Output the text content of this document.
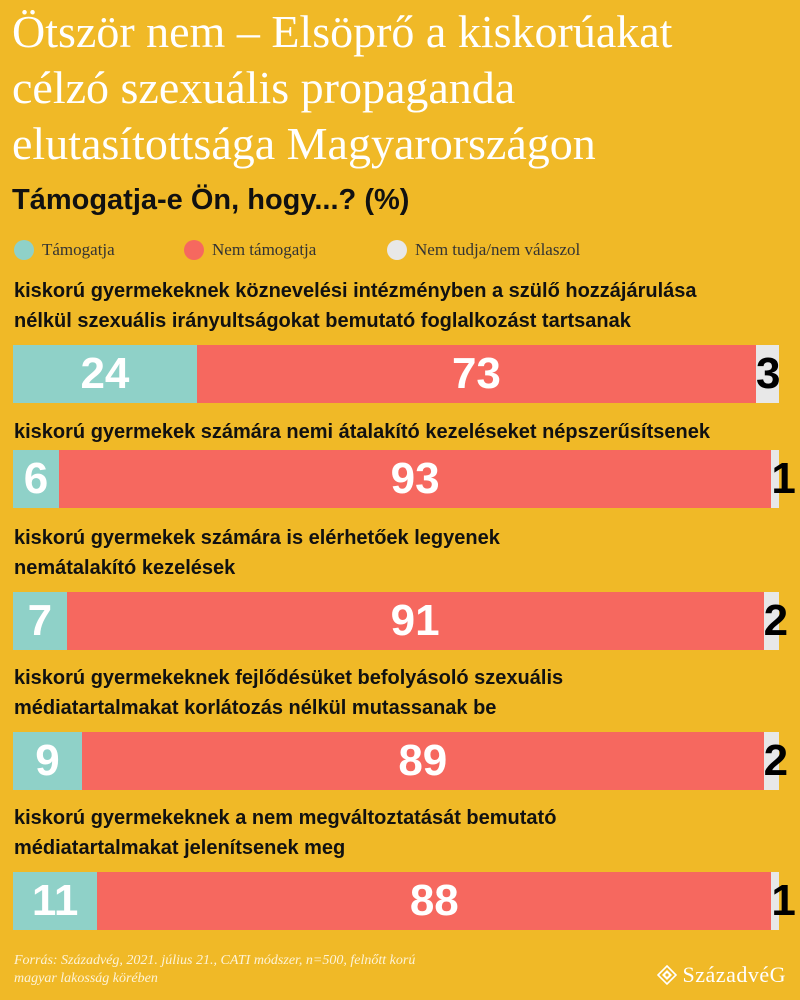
Ötször nem – Elsöprő a kiskorúakat
célzó szexuális propaganda
elutasítottsága Magyarországon
Támogatja-e Ön, hogy...? (%)
Támogatja	Nem támogatja	Nem tudja/nem válaszol
kiskorú gyermekeknek köznevelési intézményben a szülő hozzájárulása
nélkül szexuális irányultságokat bemutató foglalkozást tartsanak
24	73	3
kiskorú gyermekek számára nemi átalakító kezeléseket népszerűsítsenek
6	93	1
kiskorú gyermekek számára is elérhetőek legyenek
nemátalakító kezelések
7	91	2
kiskorú gyermekeknek fejlődésüket befolyásoló szexuális
médiatartalmakat korlátozás nélkül mutassanak be
9	89	2
kiskorú gyermekeknek a nem megváltoztatását bemutató
médiatartalmakat jelenítsenek meg
11	88	1
Forrás: Századvég, 2021. július 21., CATI módszer, n=500, felnőtt korú
magyar lakosság körében	SzázadvéG
